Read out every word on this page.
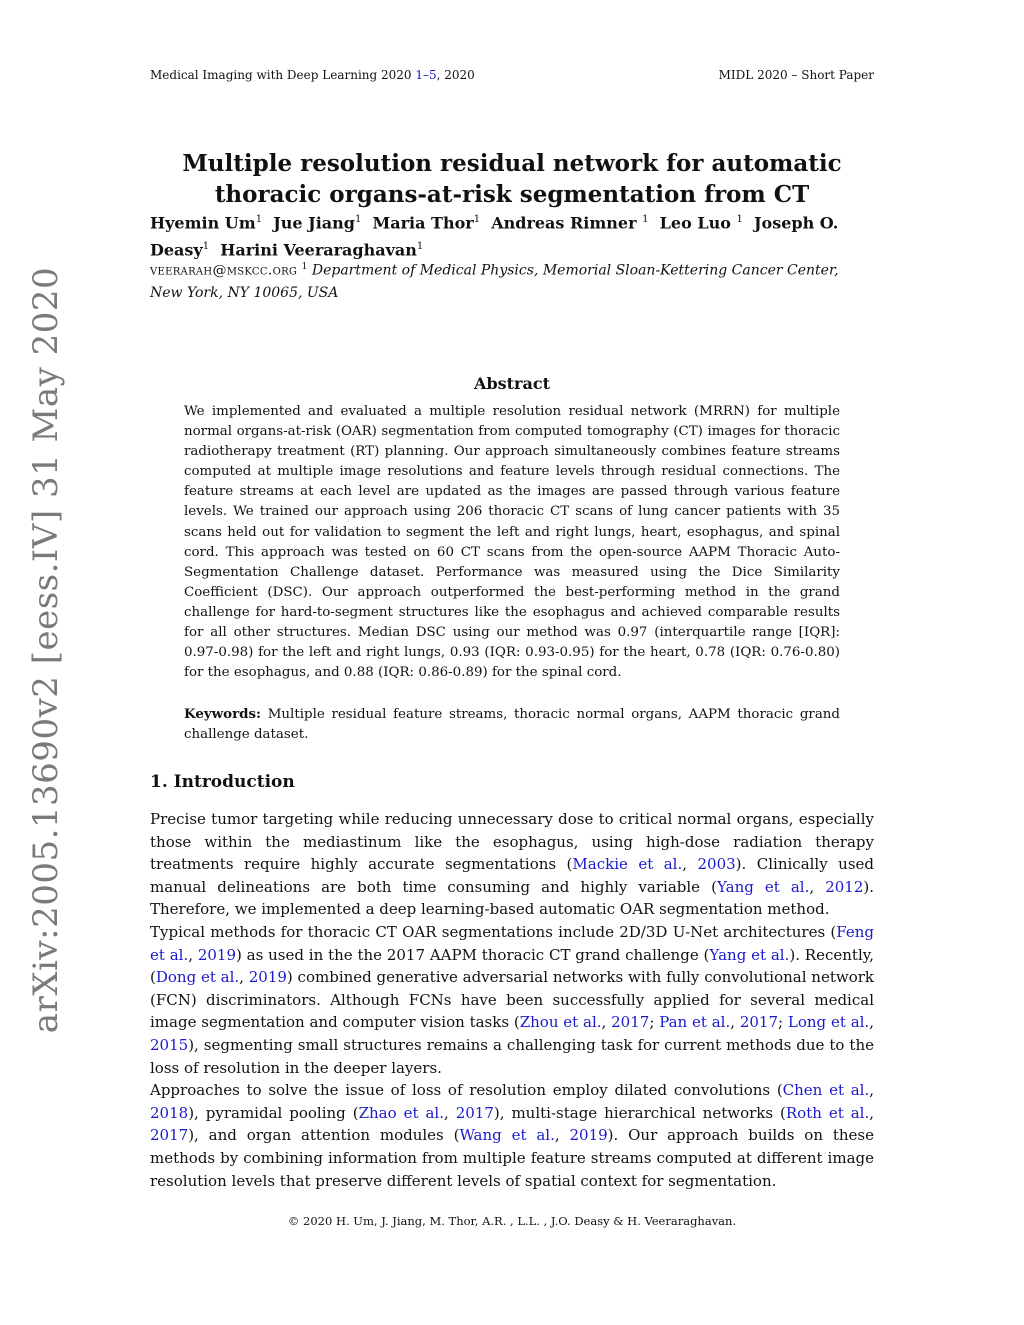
Medical Imaging with Deep Learning 2020 1–5, 2020	MIDL 2020 – Short Paper
Multiple resolution residual network for automatic thoracic organs-at-risk segmentation from CT
Hyemin Um$^1$ Jue Jiang$^1$ Maria Thor$^1$ Andreas Rimner $^1$ Leo Luo $^1$ Joseph O. Deasy$^1$ Harini Veeraraghavan$^1$
veerarah@mskcc.org $^1$ Department of Medical Physics, Memorial Sloan-Kettering Cancer Center, New York, NY 10065, USA
arXiv:2005.13690v2 [eess.IV] 31 May 2020	Abstract
We implemented and evaluated a multiple resolution residual network (MRRN) for multiple normal organs-at-risk (OAR) segmentation from computed tomography (CT) images for thoracic radiotherapy treatment (RT) planning. Our approach simultaneously combines feature streams computed at multiple image resolutions and feature levels through residual connections. The feature streams at each level are updated as the images are passed through various feature levels. We trained our approach using 206 thoracic CT scans of lung cancer patients with 35 scans held out for validation to segment the left and right lungs, heart, esophagus, and spinal cord. This approach was tested on 60 CT scans from the open-source AAPM Thoracic Auto-Segmentation Challenge dataset. Performance was measured using the Dice Similarity Coefficient (DSC). Our approach outperformed the best-performing method in the grand challenge for hard-to-segment structures like the esophagus and achieved comparable results for all other structures. Median DSC using our method was 0.97 (interquartile range [IQR]: 0.97-0.98) for the left and right lungs, 0.93 (IQR: 0.93-0.95) for the heart, 0.78 (IQR: 0.76-0.80) for the esophagus, and 0.88 (IQR: 0.86-0.89) for the spinal cord.
Keywords: Multiple residual feature streams, thoracic normal organs, AAPM thoracic grand challenge dataset.
1. Introduction

Precise tumor targeting while reducing unnecessary dose to critical normal organs, especially those within the mediastinum like the esophagus, using high-dose radiation therapy treatments require highly accurate segmentations (Mackie et al., 2003). Clinically used manual delineations are both time consuming and highly variable (Yang et al., 2012). Therefore, we implemented a deep learning-based automatic OAR segmentation method.

Typical methods for thoracic CT OAR segmentations include 2D/3D U-Net architectures (Feng et al., 2019) as used in the the 2017 AAPM thoracic CT grand challenge (Yang et al.). Recently, (Dong et al., 2019) combined generative adversarial networks with fully convolutional network (FCN) discriminators. Although FCNs have been successfully applied for several medical image segmentation and computer vision tasks (Zhou et al., 2017; Pan et al., 2017; Long et al., 2015), segmenting small structures remains a challenging task for current methods due to the loss of resolution in the deeper layers.

Approaches to solve the issue of loss of resolution employ dilated convolutions (Chen et al., 2018), pyramidal pooling (Zhao et al., 2017), multi-stage hierarchical networks (Roth et al., 2017), and organ attention modules (Wang et al., 2019). Our approach builds on these methods by combining information from multiple feature streams computed at different image resolution levels that preserve different levels of spatial context for segmentation.

© 2020 H. Um, J. Jiang, M. Thor, A.R. , L.L. , J.O. Deasy & H. Veeraraghavan.
